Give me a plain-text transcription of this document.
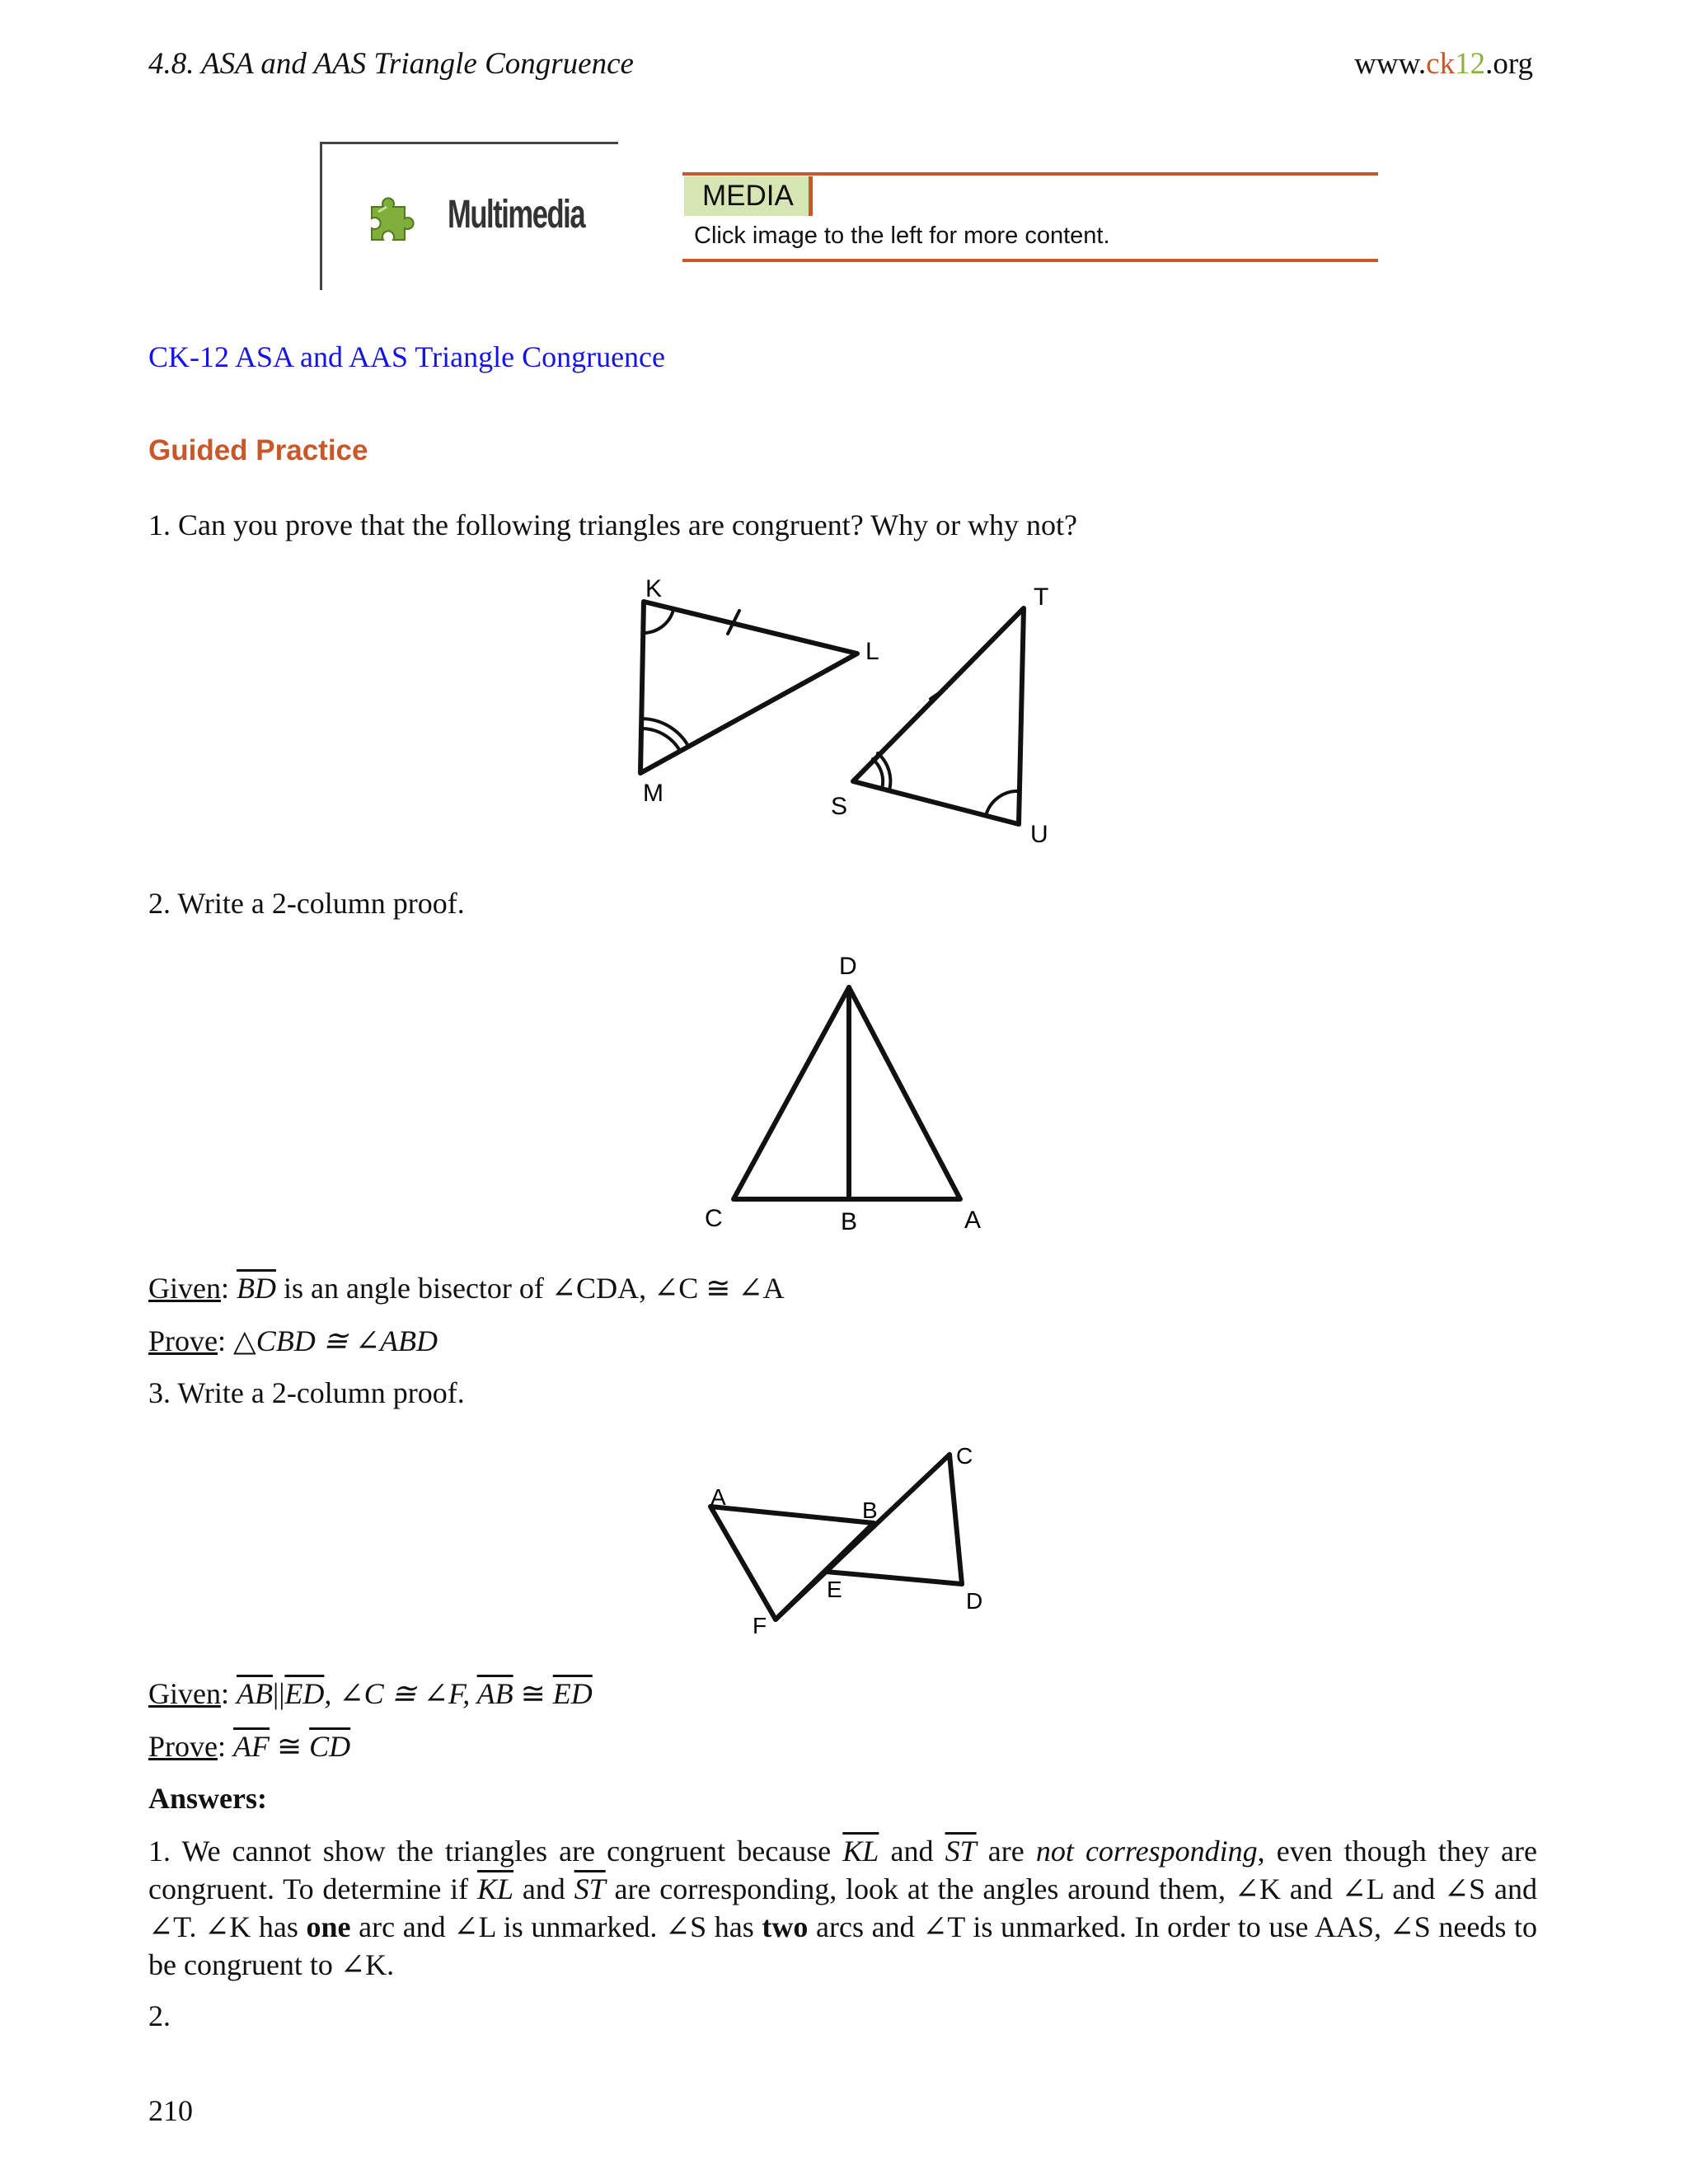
4.8. ASA and AAS Triangle Congruence	www.ck12.org
Multimedia	MEDIA
Click image to the left for more content.
CK-12 ASA and AAS Triangle Congruence
Guided Practice
1. Can you prove that the following triangles are congruent? Why or why not?
K
L
M
T
S
U
2. Write a 2-column proof.
D
C	B	A
Given: $\overline{BD}$ is an angle bisector of ∠CDA, ∠C ≅ ∠A
Prove: △CBD ≅ ∠ABD
3. Write a 2-column proof.
A
B
C
D
E
F
Given: $\overline{AB}||\overline{ED}$, ∠C ≅ ∠F, $\overline{AB}$ ≅ $\overline{ED}$
Prove: $\overline{AF}$ ≅ $\overline{CD}$
Answers:
1. We cannot show the triangles are congruent because $\overline{KL}$ and $\overline{ST}$ are not corresponding, even though they are congruent. To determine if $\overline{KL}$ and $\overline{ST}$ are corresponding, look at the angles around them, ∠K and ∠L and ∠S and ∠T. ∠K has one arc and ∠L is unmarked. ∠S has two arcs and ∠T is unmarked. In order to use AAS, ∠S needs to be congruent to ∠K.
2.
210
